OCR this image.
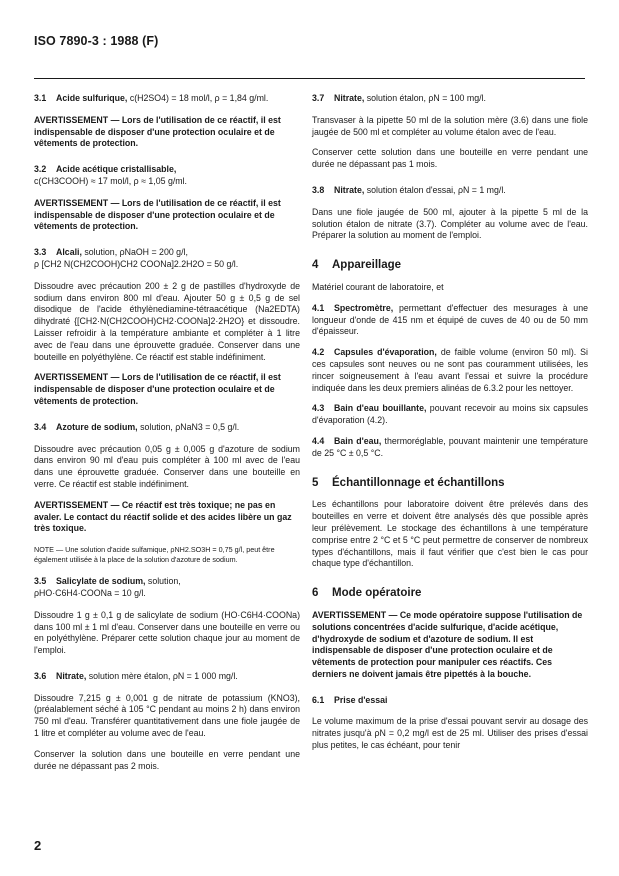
ISO 7890-3 : 1988 (F)
3.1 Acide sulfurique, c(H2SO4) = 18 mol/l, ρ = 1,84 g/ml.
AVERTISSEMENT — Lors de l'utilisation de ce réactif, il est indispensable de disposer d'une protection oculaire et de vêtements de protection.
3.2 Acide acétique cristallisable,
c(CH3COOH) ≈ 17 mol/l, ρ ≈ 1,05 g/ml.
AVERTISSEMENT — Lors de l'utilisation de ce réactif, il est indispensable de disposer d'une protection oculaire et de vêtements de protection.
3.3 Alcali, solution, ρNaOH = 200 g/l,
ρ [CH2 N(CH2COOH)CH2 COONa]2.2H2O = 50 g/l.

Dissoudre avec précaution 200 ± 2 g de pastilles d'hydroxyde de sodium dans environ 800 ml d'eau. Ajouter 50 g ± 0,5 g de sel disodique de l'acide éthylènediamine-tétraacétique (Na2EDTA) dihydraté {[CH2·N(CH2COOH)CH2·COONa]2·2H2O} et dissoudre. Laisser refroidir à la température ambiante et compléter à 1 litre avec de l'eau dans une éprouvette graduée. Conserver dans une bouteille en polyéthylène. Ce réactif est stable indéfiniment.

AVERTISSEMENT — Lors de l'utilisation de ce réactif, il est indispensable de disposer d'une protection oculaire et de vêtements de protection.
3.4 Azoture de sodium, solution, ρNaN3 = 0,5 g/l.

Dissoudre avec précaution 0,05 g ± 0,005 g d'azoture de sodium dans environ 90 ml d'eau puis compléter à 100 ml avec de l'eau dans une éprouvette graduée. Conserver dans une bouteille en verre. Ce réactif est stable indéfiniment.

AVERTISSEMENT — Ce réactif est très toxique; ne pas en avaler. Le contact du réactif solide et des acides libère un gaz très toxique.
NOTE — Une solution d'acide sulfamique, ρNH2.SO3H = 0,75 g/l, peut être également utilisée à la place de la solution d'azoture de sodium.
3.5 Salicylate de sodium, solution,
ρHO·C6H4·COONa = 10 g/l.

Dissoudre 1 g ± 0,1 g de salicylate de sodium (HO·C6H4·COONa) dans 100 ml ± 1 ml d'eau. Conserver dans une bouteille en verre ou en polyéthylène. Préparer cette solution chaque jour au moment de l'emploi.

3.6 Nitrate, solution mère étalon, ρN = 1 000 mg/l.

Dissoudre 7,215 g ± 0,001 g de nitrate de potassium (KNO3), (préalablement séché à 105 °C pendant au moins 2 h) dans environ 750 ml d'eau. Transférer quantitativement dans une fiole jaugée de 1 litre et compléter au volume avec de l'eau.

Conserver la solution dans une bouteille en verre pendant une durée ne dépassant pas 2 mois.

3.7 Nitrate, solution étalon, ρN = 100 mg/l.

Transvaser à la pipette 50 ml de la solution mère (3.6) dans une fiole jaugée de 500 ml et compléter au volume étalon avec de l'eau.

Conserver cette solution dans une bouteille en verre pendant une durée ne dépassant pas 1 mois.

3.8 Nitrate, solution étalon d'essai, ρN = 1 mg/l.

Dans une fiole jaugée de 500 ml, ajouter à la pipette 5 ml de la solution étalon de nitrate (3.7). Compléter au volume avec de l'eau. Préparer la solution au moment de l'emploi.

4 Appareillage

Matériel courant de laboratoire, et

4.1 Spectromètre, permettant d'effectuer des mesurages à une longueur d'onde de 415 nm et équipé de cuves de 40 ou de 50 mm d'épaisseur.

4.2 Capsules d'évaporation, de faible volume (environ 50 ml). Si ces capsules sont neuves ou ne sont pas couramment utilisées, les rincer soigneusement à l'eau avant l'essai et suivre la procédure indiquée dans les deux premiers alinéas de 6.3.2 pour les nettoyer.

4.3 Bain d'eau bouillante, pouvant recevoir au moins six capsules d'évaporation (4.2).

4.4 Bain d'eau, thermoréglable, pouvant maintenir une température de 25 °C ± 0,5 °C.

5 Échantillonnage et échantillons

Les échantillons pour laboratoire doivent être prélevés dans des bouteilles en verre et doivent être analysés dès que possible après leur prélèvement. Le stockage des échantillons à une température comprise entre 2 °C et 5 °C peut permettre de conserver de nombreux types d'échantillons, mais il faut vérifier que c'est bien le cas pour chaque type d'échantillon.

6 Mode opératoire
AVERTISSEMENT — Ce mode opératoire suppose l'utilisation de solutions concentrées d'acide sulfurique, d'acide acétique, d'hydroxyde de sodium et d'azoture de sodium. Il est indispensable de disposer d'une protection oculaire et de vêtements de protection pour manipuler ces réactifs. Ces derniers ne doivent jamais être pipettés à la bouche.
6.1 Prise d'essai

Le volume maximum de la prise d'essai pouvant servir au dosage des nitrates jusqu'à ρN = 0,2 mg/l est de 25 ml. Utiliser des prises d'essai plus petites, le cas échéant, pour tenir

2
